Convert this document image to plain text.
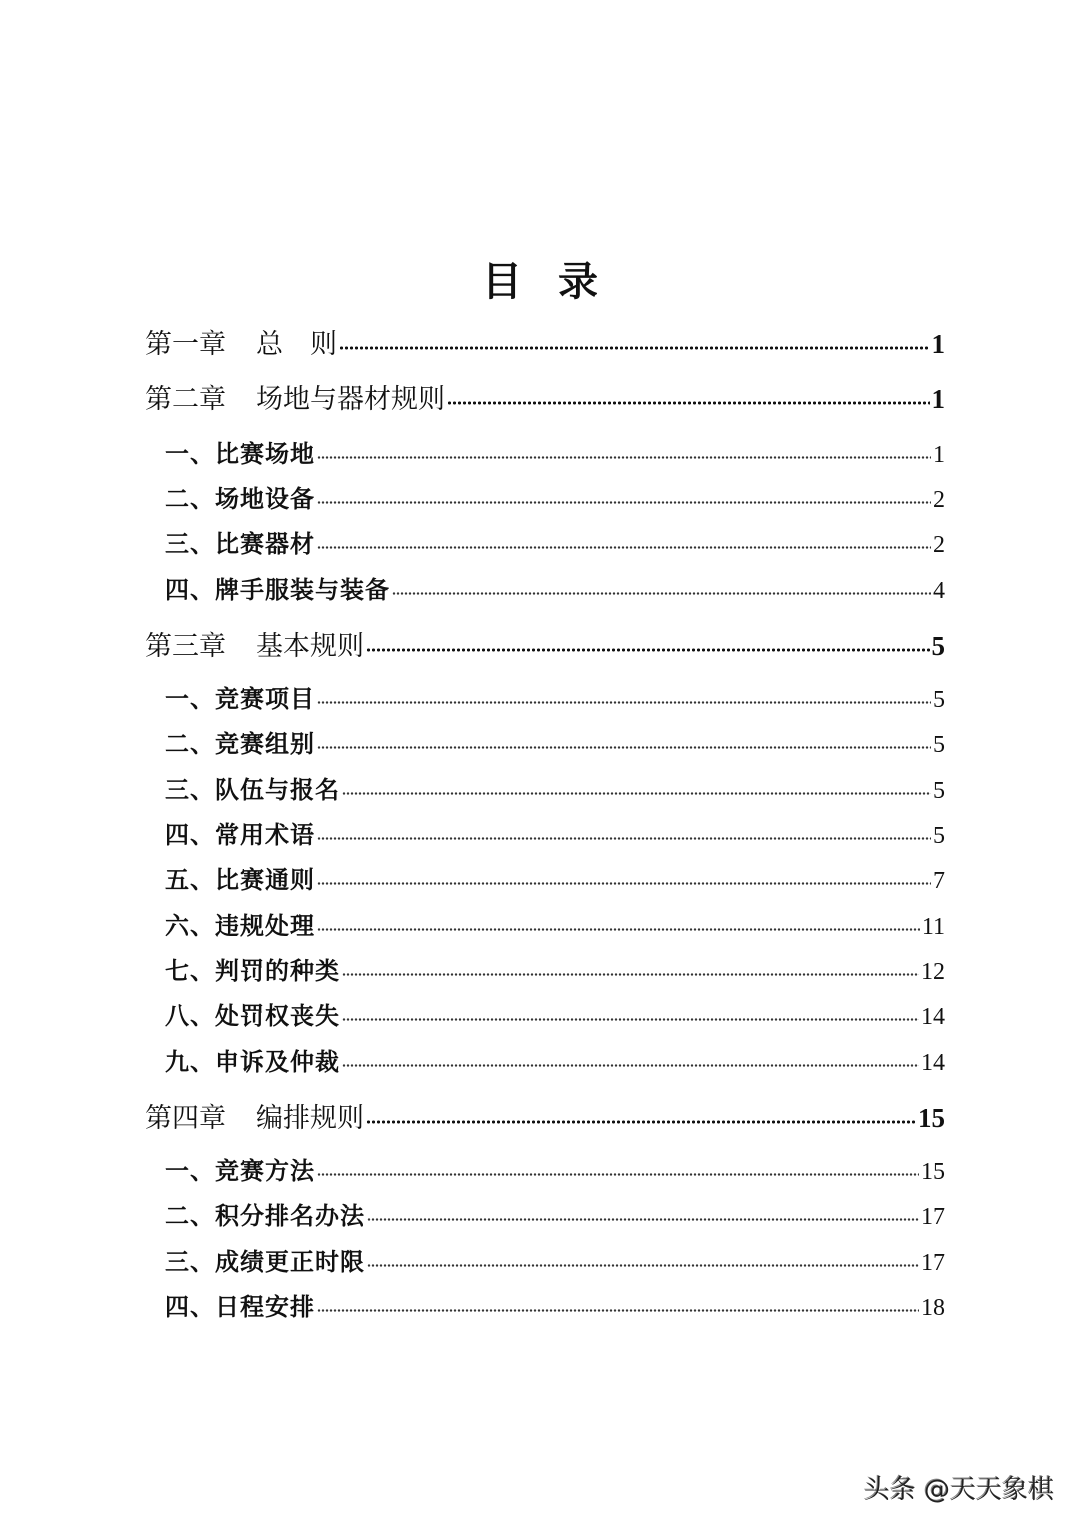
目录
第一章 总　则	1
第二章 场地与器材规则	1
一、比赛场地	1
二、场地设备	2
三、比赛器材	2
四、牌手服装与装备	4
第三章 基本规则	5
一、竞赛项目	5
二、竞赛组别	5
三、队伍与报名	5
四、常用术语	5
五、比赛通则	7
六、违规处理	11
七、判罚的种类	12
八、处罚权丧失	14
九、申诉及仲裁	14
第四章 编排规则	15
一、竞赛方法	15
二、积分排名办法	17
三、成绩更正时限	17
四、日程安排	18
头条 @天天象棋
